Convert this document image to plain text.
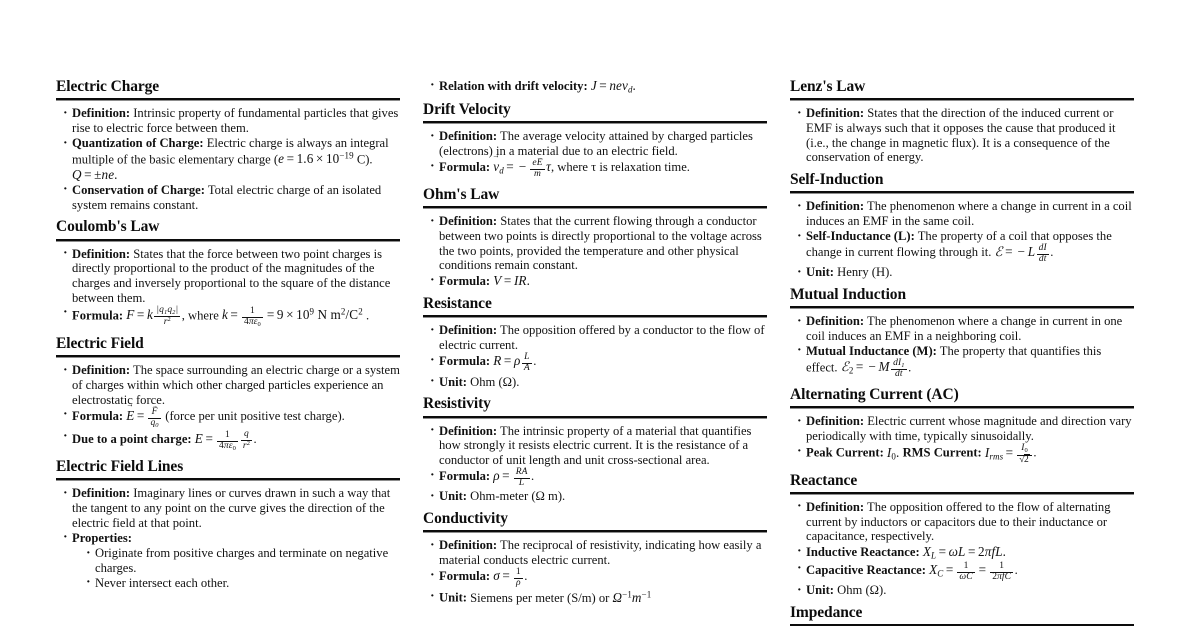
Electric Charge
· Definition: Intrinsic property of fundamental particles that gives rise to electric force between them.
· Quantization of Charge: Electric charge is always an integral multiple of the basic elementary charge ($e = 1.6 \times 10^{-19}$ C). Q = ±ne.
· Conservation of Charge: Total electric charge of an isolated system remains constant.
Coulomb's Law
· Definition: States that the force between two point charges is directly proportional to the product of the magnitudes of the charges and inversely proportional to the square of the distance between them.
· Formula: F = k $\frac{|q_1q_2|}{r^2}$ , where $k = \frac{1}{4\pi\varepsilon_0} = 9 \times 10^9$ N $m^2/C^2$ .
Electric Field
· Definition: The space surrounding an electric charge or a system of charges within which other charged particles experience an electrostatic force.
· Formula: E → = $\frac{F \to}{q_0}$ (force per unit positive test charge).
· Due to a point charge: $E = \frac{1}{4\pi\varepsilon_0} \frac{q}{r^2}$ .
Electric Field Lines
· Definition: Imaginary lines or curves drawn in such a way that the tangent to any point on the curve gives the direction of the electric field at that point.
· Properties:
· Originate from positive charges and terminate on negative charges.
· Never intersect each other.
· Relation with drift velocity: J → = nev $\to_d$.
Drift Velocity
· Definition: The average velocity attained by charged particles (electrons) in a material due to an electric field.
· Formula: $v \to_d$ = − $\frac{eE \to}{m} \tau$, where τ is relaxation time.
Ohm's Law
· Definition: States that the current flowing through a conductor between two points is directly proportional to the voltage across the two points, provided the temperature and other physical conditions remain constant.
· Formula: V = IR.
Resistance
· Definition: The opposition offered by a conductor to the flow of electric current.
· Formula: R = ρ $\frac{L}{A}$ .
· Unit: Ohm (Ω).
Resistivity
· Definition: The intrinsic property of a material that quantifies how strongly it resists electric current. It is the resistance of a conductor of unit length and unit cross-sectional area.
· Formula: $\rho = \frac{RA}{L}$ .
· Unit: Ohm-meter (Ω m).
Conductivity
· Definition: The reciprocal of resistivity, indicating how easily a material conducts electric current.
· Formula: $\sigma = \frac{1}{\rho}$ .
· Unit: Siemens per meter (S/m) or $\Omega^{-1}m^{-1}$
Lenz's Law
· Definition: States that the direction of the induced current or EMF is always such that it opposes the cause that produced it (i.e., the change in magnetic flux). It is a consequence of the conservation of energy.
Self-Induction
· Definition: The phenomenon where a change in current in a coil induces an EMF in the same coil.
· Self-Inductance (L): The property of a coil that opposes the change in current flowing through it. ℰ = − L $\frac{dI}{dt}$ .
· Unit: Henry (H).
Mutual Induction
· Definition: The phenomenon where a change in current in one coil induces an EMF in a neighboring coil.
· Mutual Inductance (M): The property that quantifies this effect. ℰ$_2$ = − M $\frac{dI_1}{dt}$ .
Alternating Current (AC)
· Definition: Electric current whose magnitude and direction vary periodically with time, typically sinusoidally.
· Peak Current: $I_0$. RMS Current: $I_{rms} = \frac{I_0}{√2}$ .
Reactance
· Definition: The opposition offered to the flow of alternating current by inductors or capacitors due to their inductance or capacitance, respectively.
· Inductive Reactance: $X_L = \omega L = 2\pi fL$.
· Capacitive Reactance: $X_C = \frac{1}{\omega C} = \frac{1}{\text{2πfC}}$ .
· Unit: Ohm (Ω).
Impedance
